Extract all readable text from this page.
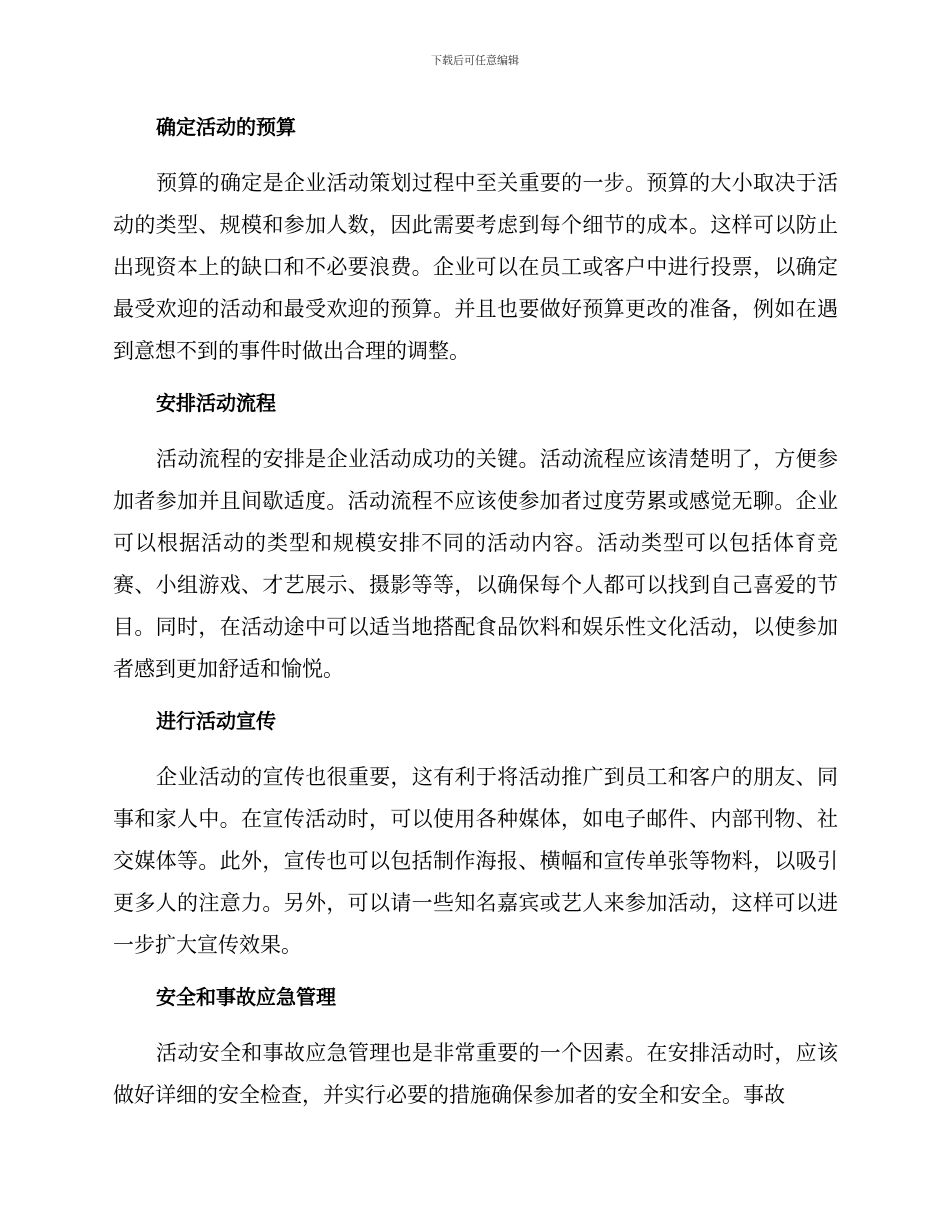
下载后可任意编辑
确定活动的预算

预算的确定是企业活动策划过程中至关重要的一步。预算的大小取决于活动的类型、规模和参加人数，因此需要考虑到每个细节的成本。这样可以防止出现资本上的缺口和不必要浪费。企业可以在员工或客户中进行投票，以确定最受欢迎的活动和最受欢迎的预算。并且也要做好预算更改的准备，例如在遇到意想不到的事件时做出合理的调整。

安排活动流程

活动流程的安排是企业活动成功的关键。活动流程应该清楚明了，方便参加者参加并且间歇适度。活动流程不应该使参加者过度劳累或感觉无聊。企业可以根据活动的类型和规模安排不同的活动内容。活动类型可以包括体育竞赛、小组游戏、才艺展示、摄影等等，以确保每个人都可以找到自己喜爱的节目。同时，在活动途中可以适当地搭配食品饮料和娱乐性文化活动，以使参加者感到更加舒适和愉悦。

进行活动宣传

企业活动的宣传也很重要，这有利于将活动推广到员工和客户的朋友、同事和家人中。在宣传活动时，可以使用各种媒体，如电子邮件、内部刊物、社交媒体等。此外，宣传也可以包括制作海报、横幅和宣传单张等物料，以吸引更多人的注意力。另外，可以请一些知名嘉宾或艺人来参加活动，这样可以进一步扩大宣传效果。

安全和事故应急管理

活动安全和事故应急管理也是非常重要的一个因素。在安排活动时，应该做好详细的安全检查，并实行必要的措施确保参加者的安全和安全。事故
